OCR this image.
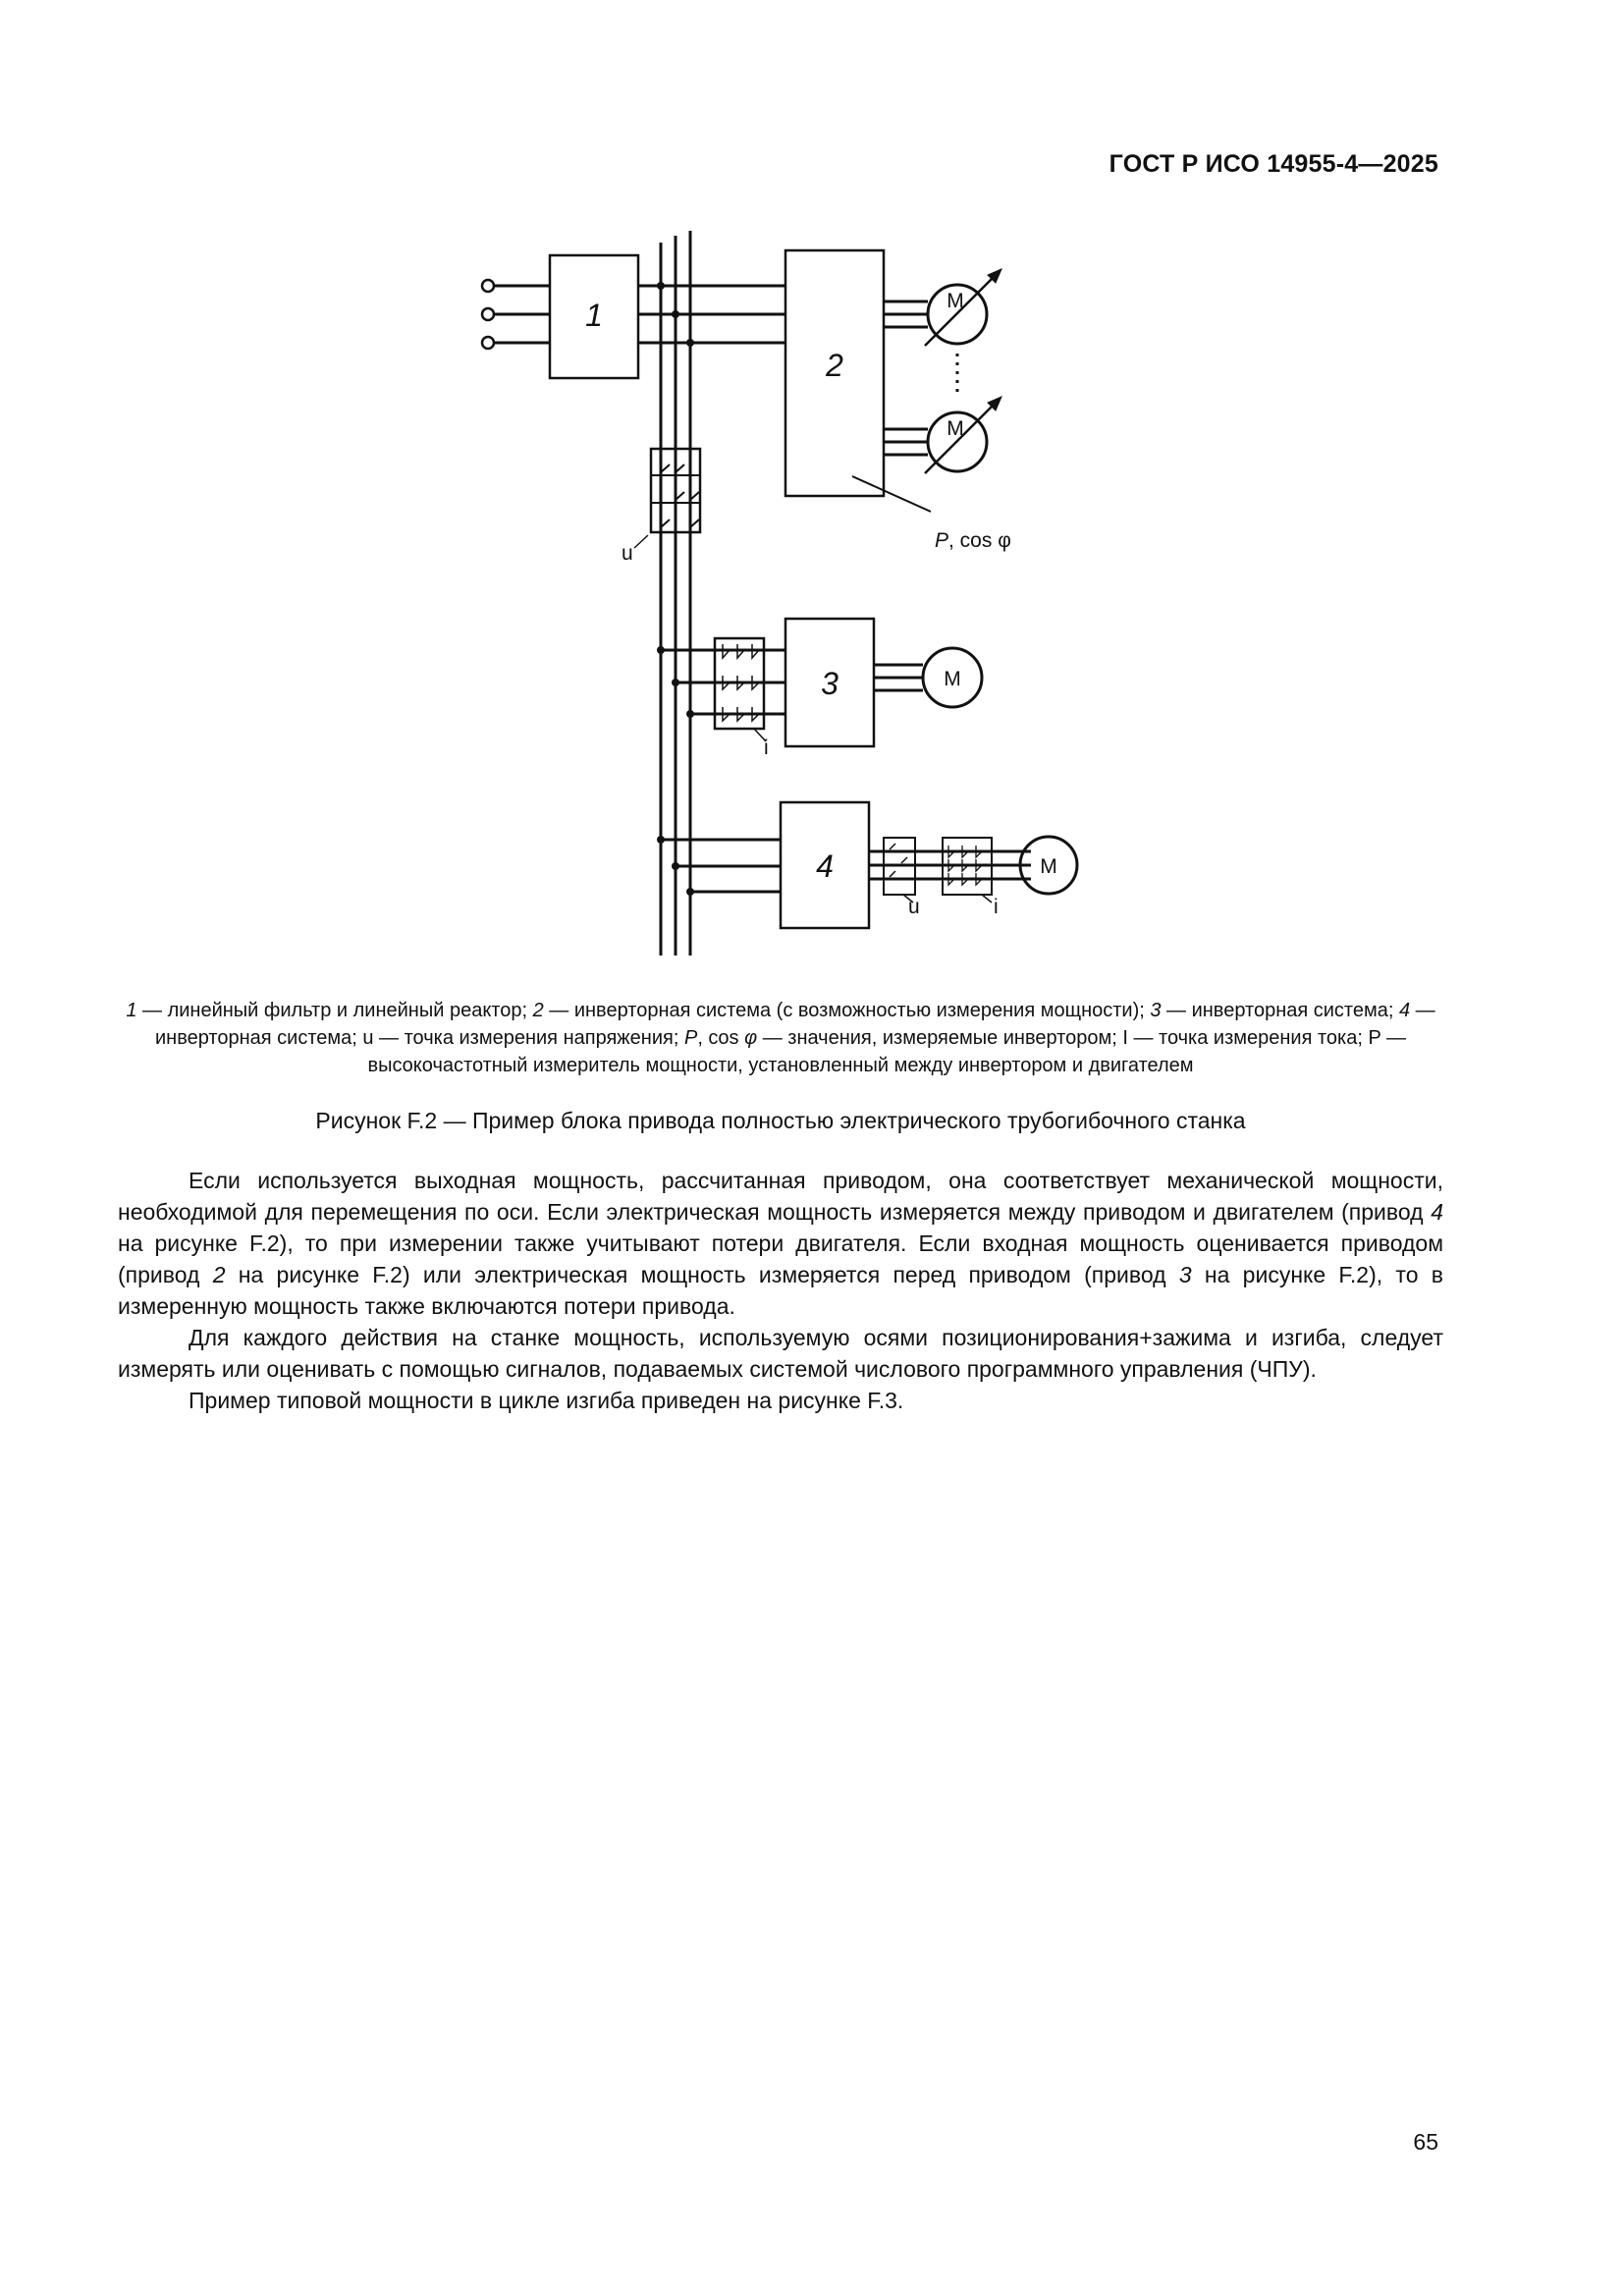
ГОСТ Р ИСО 14955-4—2025
1
2
3
4
M
M
M
M
u
i
u	i
P, cos φ
1 — линейный фильтр и линейный реактор; 2 — инверторная система (с возможностью измерения мощности); 3 — инверторная система; 4 — инверторная система; u — точка измерения напряжения; P, cos φ — значения, измеряемые инвертором; I — точка измерения тока; P — высокочастотный измеритель мощности, установленный между инвертором и двигателем
Рисунок F.2 — Пример блока привода полностью электрического трубогибочного станка

Если используется выходная мощность, рассчитанная приводом, она соответствует механической мощности, необходимой для перемещения по оси. Если электрическая мощность измеряется между приводом и двигателем (привод 4 на рисунке F.2), то при измерении также учитывают потери двигателя. Если входная мощность оценивается приводом (привод 2 на рисунке F.2) или электрическая мощность измеряется перед приводом (привод 3 на рисунке F.2), то в измеренную мощность также включаются потери привода.

Для каждого действия на станке мощность, используемую осями позиционирования+зажима и изгиба, следует измерять или оценивать с помощью сигналов, подаваемых системой числового программного управления (ЧПУ).

Пример типовой мощности в цикле изгиба приведен на рисунке F.3.

65
